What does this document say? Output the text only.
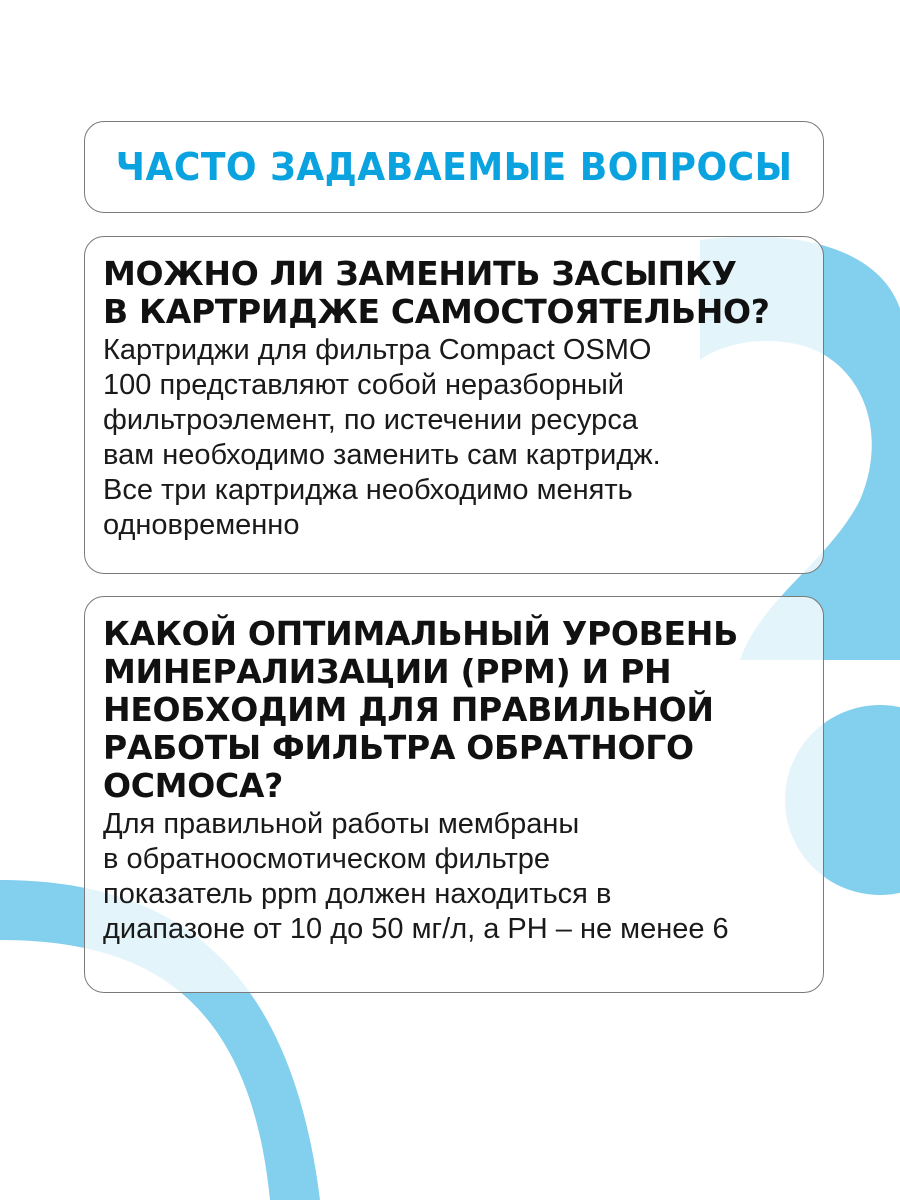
ЧАСТО ЗАДАВАЕМЫЕ ВОПРОСЫ
МОЖНО ЛИ ЗАМЕНИТЬ ЗАСЫПКУ
В КАРТРИДЖЕ САМОСТОЯТЕЛЬНО?

Картриджи для фильтра Compact OSMO
100 представляют собой неразборный
фильтроэлемент, по истечении ресурса
вам необходимо заменить сам картридж.
Все три картриджа необходимо менять
одновременно

КАКОЙ ОПТИМАЛЬНЫЙ УРОВЕНЬ
МИНЕРАЛИЗАЦИИ (PPM) И PH
НЕОБХОДИМ ДЛЯ ПРАВИЛЬНОЙ
РАБОТЫ ФИЛЬТРА ОБРАТНОГО
ОСМОСА?

Для правильной работы мембраны
в обратноосмотическом фильтре
показатель ppm должен находиться в
диапазоне от 10 до 50 мг/л, а PH – не менее 6
